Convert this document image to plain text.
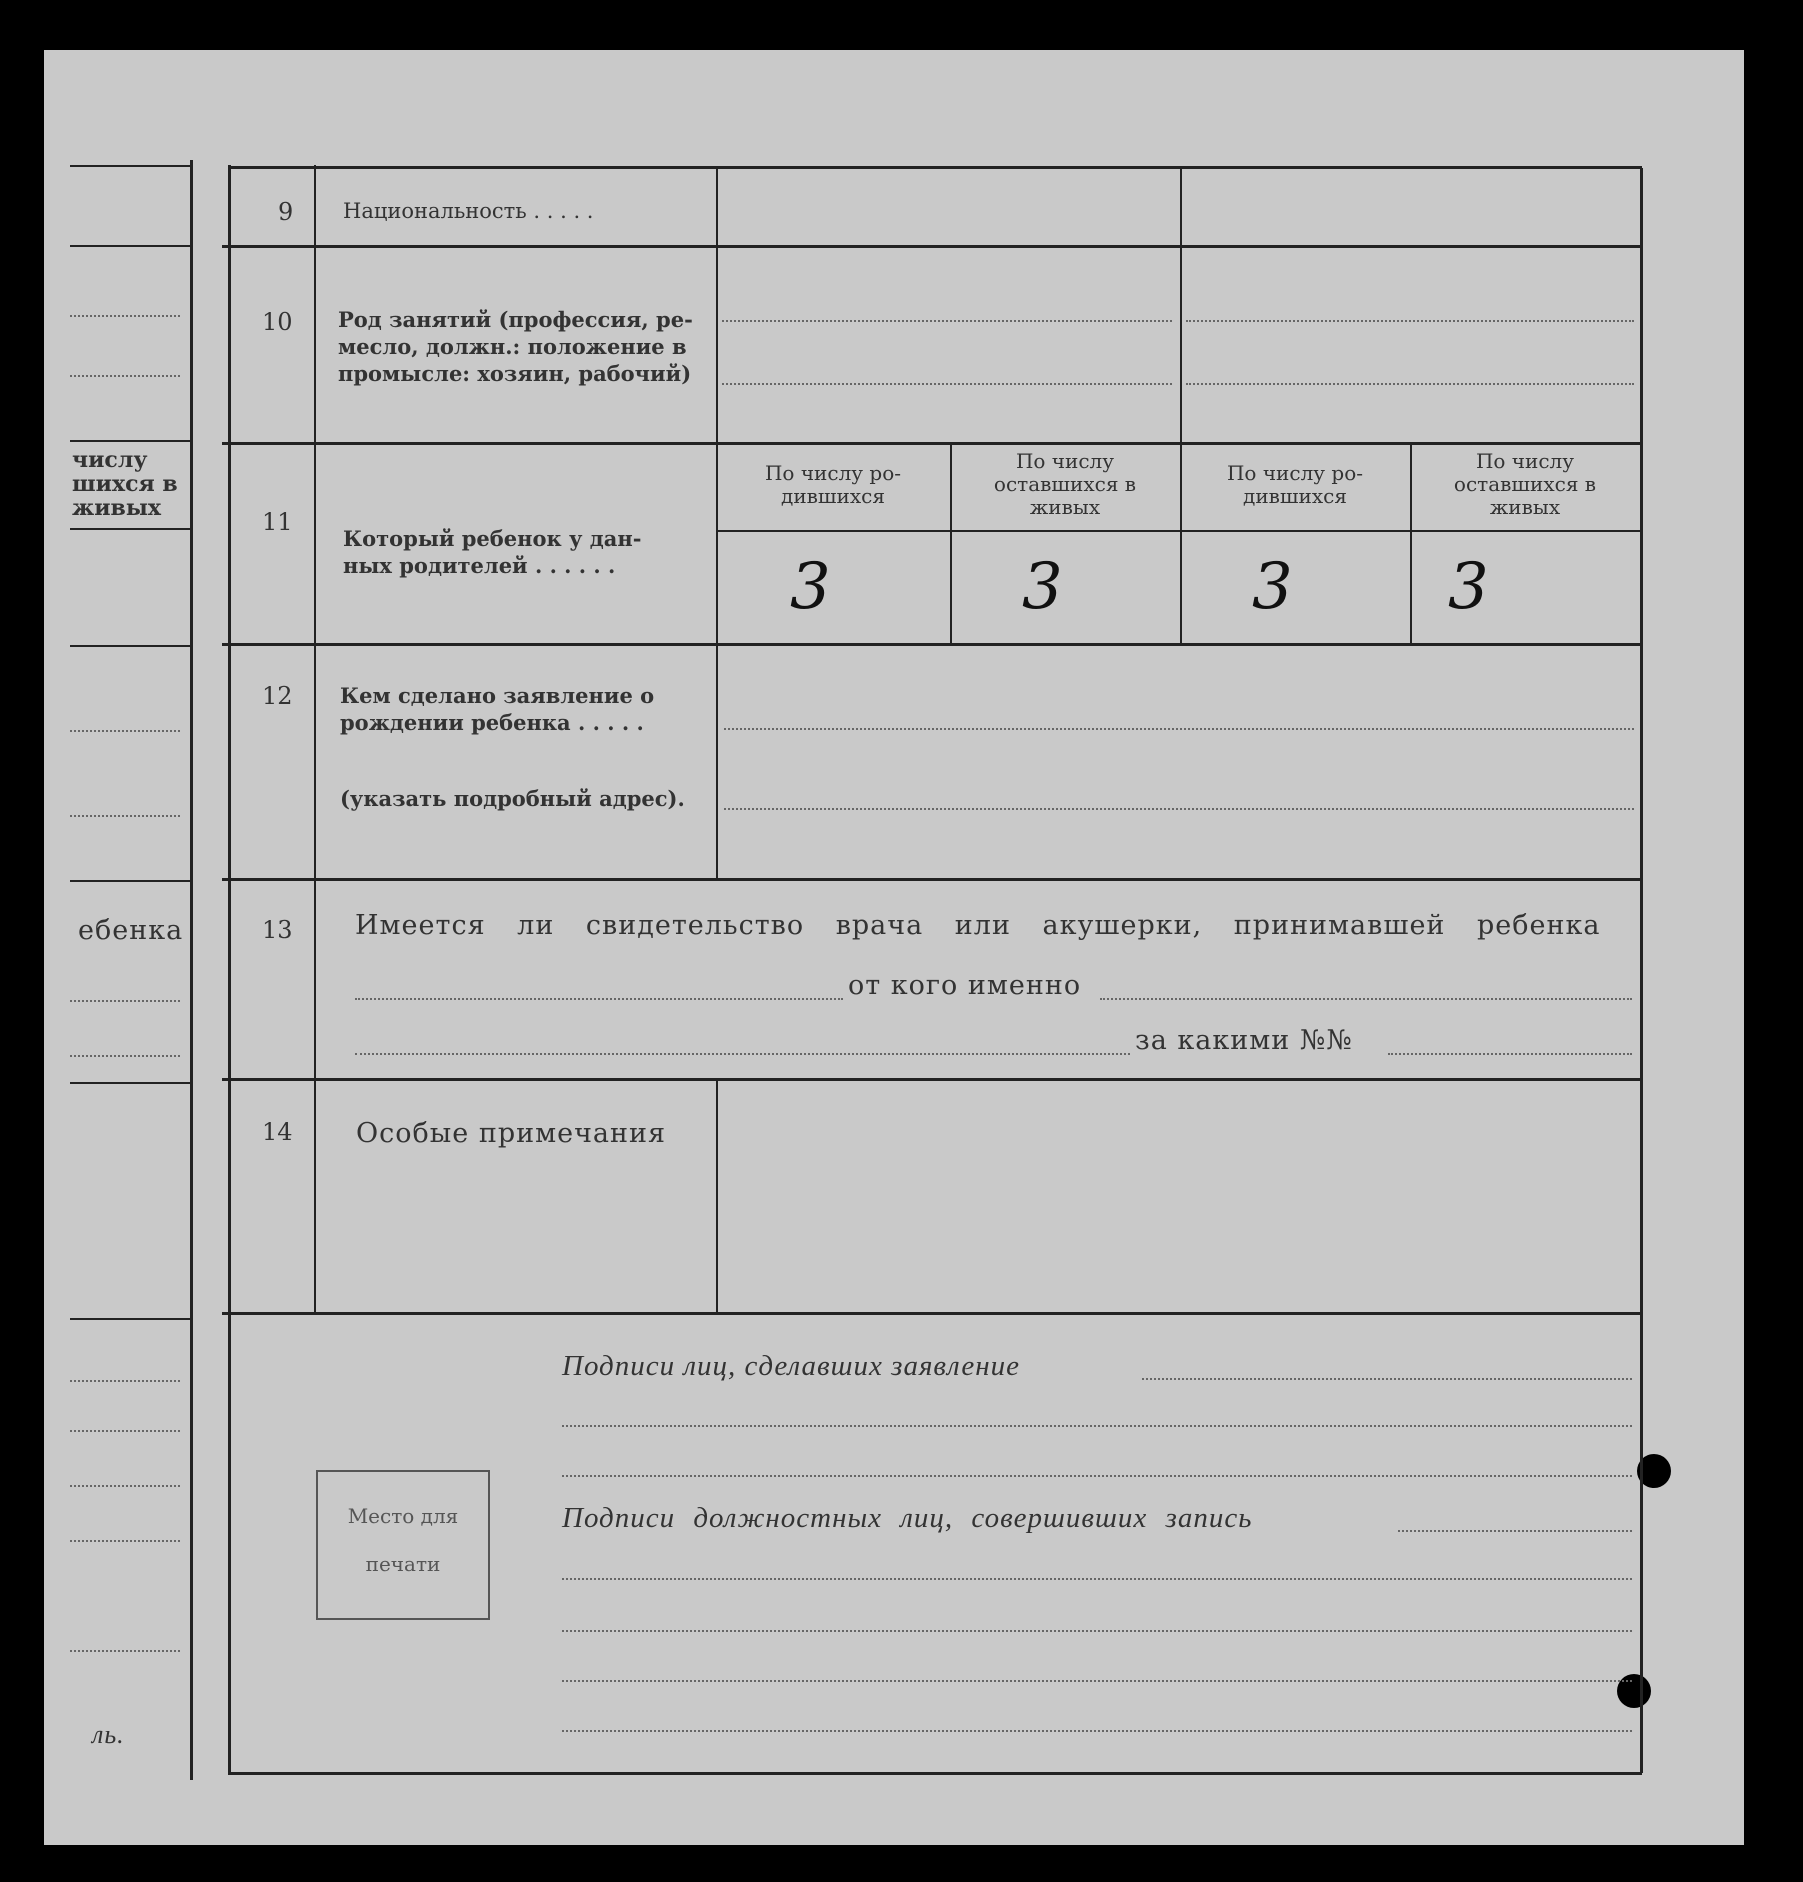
числу
шихся в
живых
ебенка
ль.
9 Национальность . . . . .
10 Род занятий (профессия, ре-
месло, должн.: положение в
промысле: хозяин, рабочий)
11
Который ребенок у дан-
ных родителей . . . . . .
По числу ро-
дившихся
По числу
оставшихся в
живых
По числу ро-
дившихся
По числу
оставшихся в
живых
3	3	3 3
12 Кем сделано заявление о
рождении ребенка . . . . .
(указать подробный адрес).
13 Имеется ли свидетельство врача или акушерки, принимавшей ребенка
от кого именно
за какими №№
14 Особые примечания
Подписи лиц, сделавших заявление
Подписи должностных лиц, совершивших запись
Место для
печати
